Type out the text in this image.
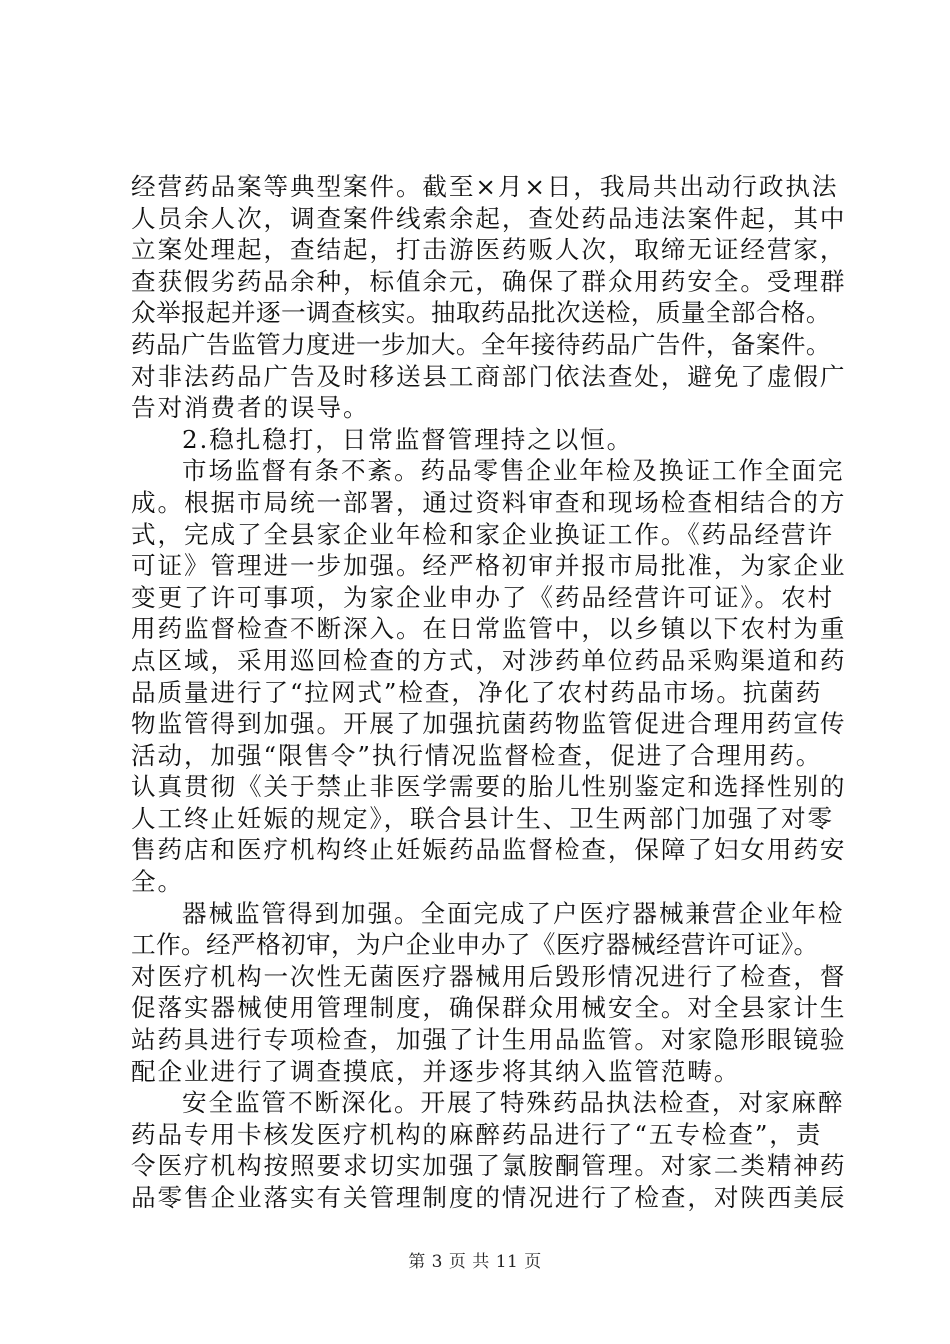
经营药品案等典型案件。截至×月×日，我局共出动行政执法
人员余人次，调查案件线索余起，查处药品违法案件起，其中
立案处理起，查结起，打击游医药贩人次，取缔无证经营家，
查获假劣药品余种，标值余元，确保了群众用药安全。受理群
众举报起并逐一调查核实。抽取药品批次送检，质量全部合格。
药品广告监管力度进一步加大。全年接待药品广告件，备案件。
对非法药品广告及时移送县工商部门依法查处，避免了虚假广
告对消费者的误导。
2.稳扎稳打，日常监督管理持之以恒。
市场监督有条不紊。药品零售企业年检及换证工作全面完
成。根据市局统一部署，通过资料审查和现场检查相结合的方
式，完成了全县家企业年检和家企业换证工作。《药品经营许
可证》管理进一步加强。经严格初审并报市局批准，为家企业
变更了许可事项，为家企业申办了《药品经营许可证》。农村
用药监督检查不断深入。在日常监管中，以乡镇以下农村为重
点区域，采用巡回检查的方式，对涉药单位药品采购渠道和药
品质量进行了“拉网式”检查，净化了农村药品市场。抗菌药
物监管得到加强。开展了加强抗菌药物监管促进合理用药宣传
活动，加强“限售令”执行情况监督检查，促进了合理用药。
认真贯彻《关于禁止非医学需要的胎儿性别鉴定和选择性别的
人工终止妊娠的规定》，联合县计生、卫生两部门加强了对零
售药店和医疗机构终止妊娠药品监督检查，保障了妇女用药安
全。
器械监管得到加强。全面完成了户医疗器械兼营企业年检
工作。经严格初审，为户企业申办了《医疗器械经营许可证》。
对医疗机构一次性无菌医疗器械用后毁形情况进行了检查，督
促落实器械使用管理制度，确保群众用械安全。对全县家计生
站药具进行专项检查，加强了计生用品监管。对家隐形眼镜验
配企业进行了调查摸底，并逐步将其纳入监管范畴。
安全监管不断深化。开展了特殊药品执法检查，对家麻醉
药品专用卡核发医疗机构的麻醉药品进行了“五专检查”，责
令医疗机构按照要求切实加强了氯胺酮管理。对家二类精神药
品零售企业落实有关管理制度的情况进行了检查，对陕西美辰
第 3 页 共 11 页
